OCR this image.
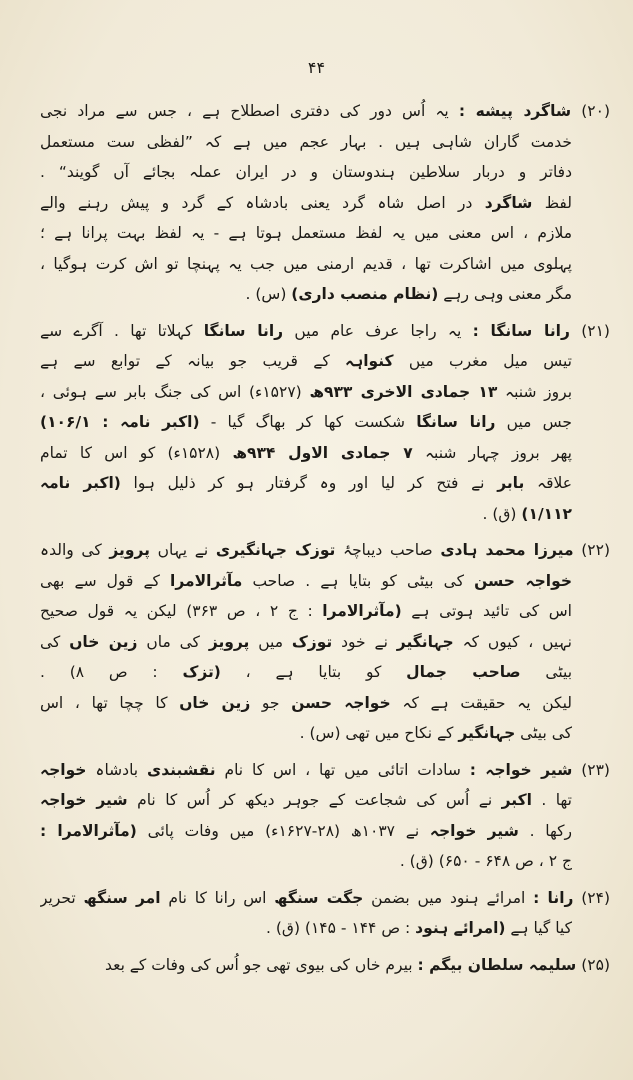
۴۴
(۲۰) شاگرد پیشه : یہ اُس دور کی دفتری اصطلاح ہے ، جس سے مراد نجی
خدمت گاران شاہی ہیں . بہار عجم میں ہے کہ ”لفظی ست مستعمل
دفاتر و دربار سلاطین ہندوستان و در ایران عملہ بجائے آں گویند“ .
لفظ شاگرد در اصل شاہ گرد یعنی بادشاہ کے گرد و پیش رہنے والے
ملازم ، اس معنی میں یہ لفظ مستعمل ہوتا ہے - یہ لفظ بہت پرانا ہے ؛
پہلوی میں اشاکرت تھا ، قدیم ارمنی میں جب یہ پہنچا تو اش کرت ہوگیا ،
مگر معنی وہی رہے (نظام منصب داری) (س) .
(۲۱) رانا سانگا : یہ راجا عرف عام میں رانا سانگا کہلاتا تھا . آگرے سے
تیس میل مغرب میں کنواہہ کے قریب جو بیانہ کے توابع سے ہے
بروز شنبہ ۱۳ جمادی الاخری ۹۳۳ھ (۱۵۲۷ء) اس کی جنگ بابر سے ہوئی ،
جس میں رانا سانگا شکست کھا کر بھاگ گیا - (اکبر نامہ : ۱۰۶/۱)
پھر بروز چہار شنبہ ۷ جمادی الاول ۹۳۴ھ (۱۵۲۸ء) کو اس کا تمام
علاقہ بابر نے فتح کر لیا اور وہ گرفتار ہو کر ذلیل ہوا (اکبر نامہ
۱/۱۱۲) (ق) .
(۲۲) میرزا محمد ہادی صاحب دیباچۂ توزک جہانگیری نے یہاں پرویز کی والدہ
خواجہ حسن کی بیٹی کو بتایا ہے . صاحب مآثرالامرا کے قول سے بھی
اس کی تائید ہوتی ہے (مآثرالامرا : ج ۲ ، ص ۳۶۳) لیکن یہ قول صحیح
نہیں ، کیوں کہ جہانگیر نے خود توزک میں پرویز کی ماں زین خاں کی
بیٹی صاحب جمال کو بتایا ہے ، (تزک : ص ۸) .
لیکن یہ حقیقت ہے کہ خواجہ حسن جو زین خاں کا چچا تھا ، اس
کی بیٹی جہانگیر کے نکاح میں تھی (س) .
(۲۳) شیر خواجہ : سادات اتائی میں تھا ، اس کا نام نقشبندی بادشاہ خواجہ
تھا . اکبر نے اُس کی شجاعت کے جوہر دیکھ کر اُس کا نام شیر خواجہ
رکھا . شیر خواجہ نے ۱۰۳۷ھ (۲۸-۱۶۲۷ء) میں وفات پائی (مآثرالامرا :
ج ۲ ، ص ۶۴۸ - ۶۵۰) (ق) .
(۲۴) رانا : امرائے ہنود میں بضمن جگت سنگھ اس رانا کا نام امر سنگھ تحریر
کیا گیا ہے (امرائے ہنود : ص ۱۴۴ - ۱۴۵) (ق) .
(۲۵) سلیمہ سلطان بیگم : بیرم خاں کی بیوی تھی جو اُس کی وفات کے بعد
